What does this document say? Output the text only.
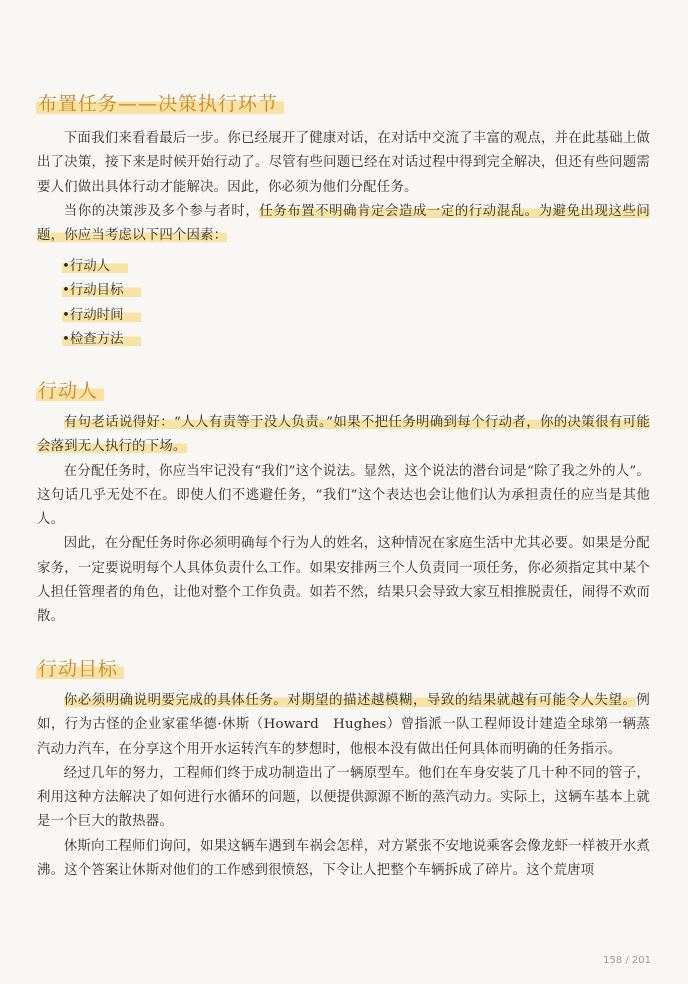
布置任务——决策执行环节

下面我们来看看最后一步。你已经展开了健康对话，在对话中交流了丰富的观点，并在此基础上做出了决策，接下来是时候开始行动了。尽管有些问题已经在对话过程中得到完全解决，但还有些问题需要人们做出具体行动才能解决。因此，你必须为他们分配任务。

当你的决策涉及多个参与者时，任务布置不明确肯定会造成一定的行动混乱。为避免出现这些问题，你应当考虑以下四个因素：

•行动人
•行动目标
•行动时间
•检查方法
行动人

有句老话说得好：“人人有责等于没人负责。”如果不把任务明确到每个行动者，你的决策很有可能会落到无人执行的下场。

在分配任务时，你应当牢记没有“我们”这个说法。显然，这个说法的潜台词是“除了我之外的人”。这句话几乎无处不在。即使人们不逃避任务，“我们”这个表达也会让他们认为承担责任的应当是其他人。

因此，在分配任务时你必须明确每个行为人的姓名，这种情况在家庭生活中尤其必要。如果是分配家务，一定要说明每个人具体负责什么工作。如果安排两三个人负责同一项任务，你必须指定其中某个人担任管理者的角色，让他对整个工作负责。如若不然，结果只会导致大家互相推脱责任，闹得不欢而散。

行动目标

你必须明确说明要完成的具体任务。对期望的描述越模糊，导致的结果就越有可能令人失望。例如，行为古怪的企业家霍华德·休斯（Howard　Hughes）曾指派一队工程师设计建造全球第一辆蒸汽动力汽车，在分享这个用开水运转汽车的梦想时，他根本没有做出任何具体而明确的任务指示。

经过几年的努力，工程师们终于成功制造出了一辆原型车。他们在车身安装了几十种不同的管子，利用这种方法解决了如何进行水循环的问题，以便提供源源不断的蒸汽动力。实际上，这辆车基本上就是一个巨大的散热器。

休斯向工程师们询问，如果这辆车遇到车祸会怎样，对方紧张不安地说乘客会像龙虾一样被开水煮沸。这个答案让休斯对他们的工作感到很愤怒，下令让人把整个车辆拆成了碎片。这个荒唐项

158 / 201
